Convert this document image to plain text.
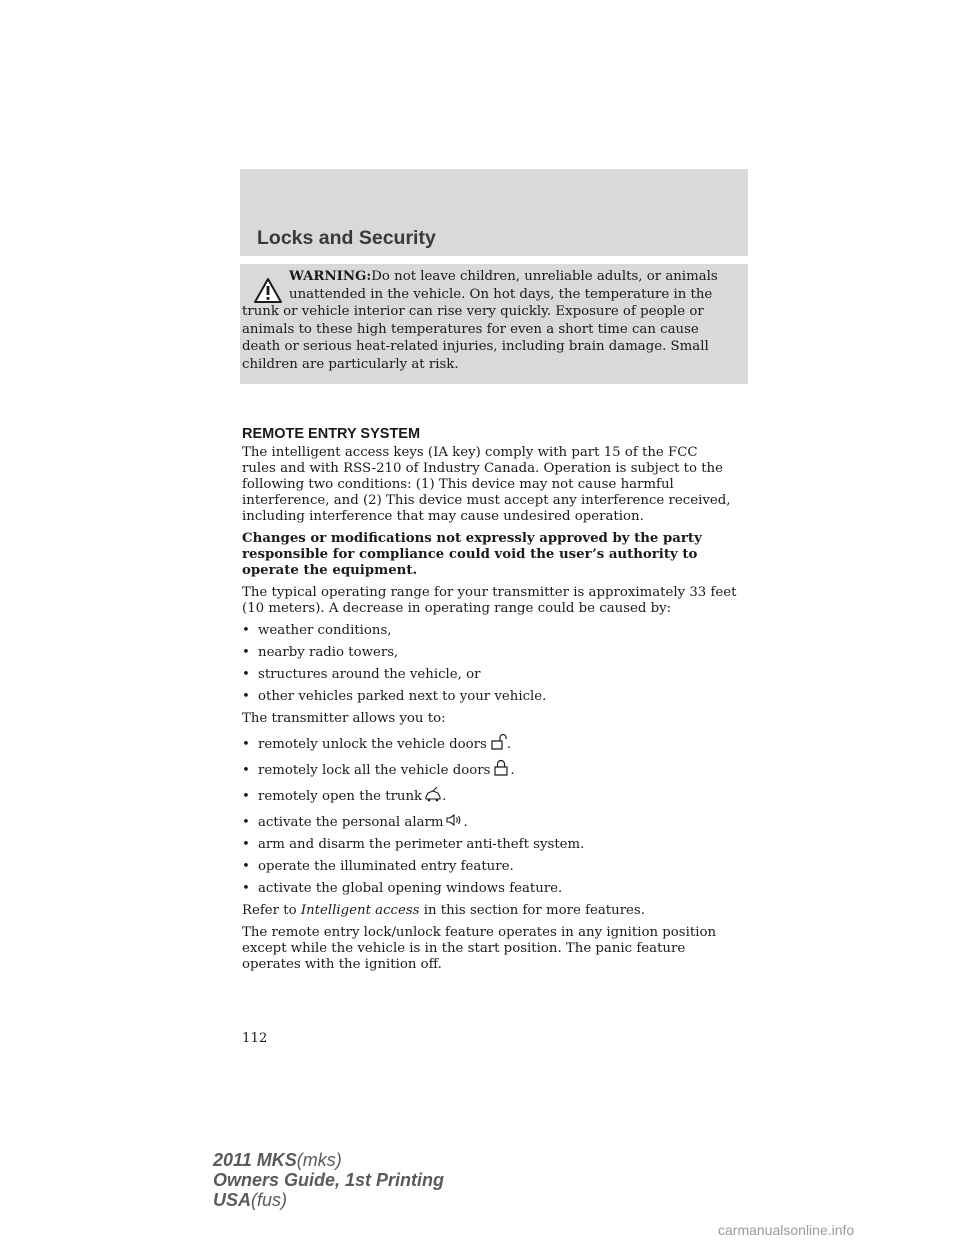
Locks and Security
WARNING:Do not leave children, unreliable adults, or animals
unattended in the vehicle. On hot days, the temperature in the
trunk or vehicle interior can rise very quickly. Exposure of people or
animals to these high temperatures for even a short time can cause
death or serious heat-related injuries, including brain damage. Small
children are particularly at risk.
REMOTE ENTRY SYSTEM

The intelligent access keys (IA key) comply with part 15 of the FCC
rules and with RSS-210 of Industry Canada. Operation is subject to the
following two conditions: (1) This device may not cause harmful
interference, and (2) This device must accept any interference received,
including interference that may cause undesired operation.

Changes or modifications not expressly approved by the party
responsible for compliance could void the user’s authority to
operate the equipment.

The typical operating range for your transmitter is approximately 33 feet
(10 meters). A decrease in operating range could be caused by:

• weather conditions,
• nearby radio towers,
• structures around the vehicle, or
• other vehicles parked next to your vehicle.

The transmitter allows you to:

• remotely unlock the vehicle doors .
• remotely lock all the vehicle doors .
• remotely open the trunk .
• activate the personal alarm .
• arm and disarm the perimeter anti-theft system.
• operate the illuminated entry feature.
• activate the global opening windows feature.

Refer to Intelligent access in this section for more features.

The remote entry lock/unlock feature operates in any ignition position
except while the vehicle is in the start position. The panic feature
operates with the ignition off.

112
2011 MKS(mks)
Owners Guide, 1st Printing
USA(fus)
carmanualsonline.info
